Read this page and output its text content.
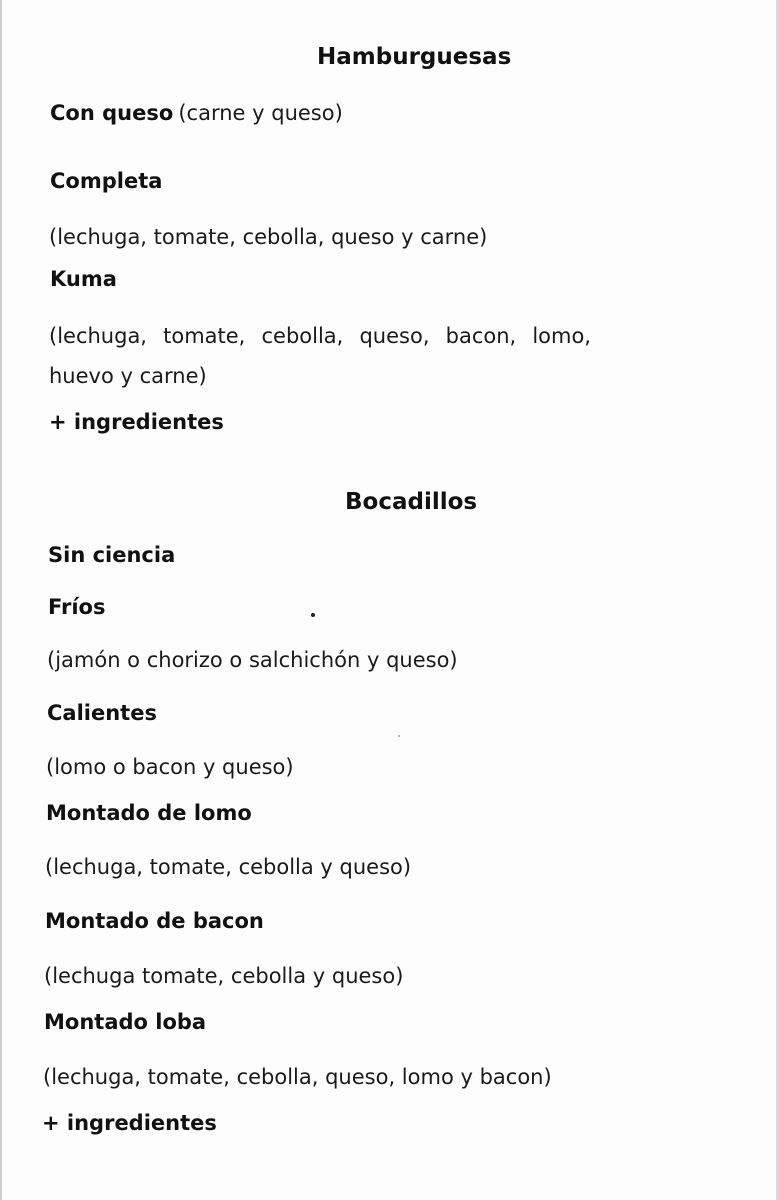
Hamburguesas
Con queso (carne y queso)
Completa
(lechuga, tomate, cebolla, queso y carne)
Kuma
(lechuga, tomate, cebolla, queso, bacon, lomo,
huevo y carne)
+ ingredientes
Bocadillos
Sin ciencia
Fríos
(jamón o chorizo o salchichón y queso)
Calientes
(lomo o bacon y queso)
Montado de lomo
(lechuga, tomate, cebolla y queso)
Montado de bacon
(lechuga tomate, cebolla y queso)
Montado loba
(lechuga, tomate, cebolla, queso, lomo y bacon)
+ ingredientes
